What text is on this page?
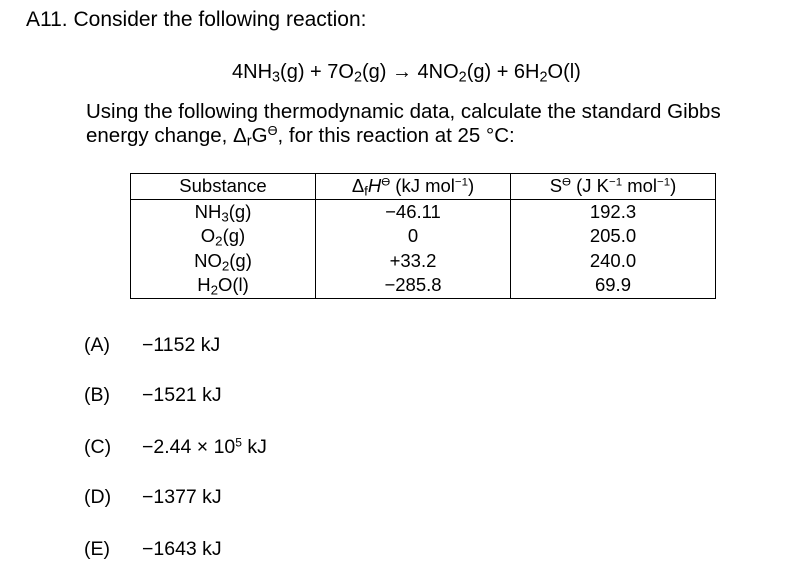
A11. Consider the following reaction:
$4NH_3(g) + 7O_2(g) \to 4NO_2(g) + 6H_2O(l)$
Using the following thermodynamic data, calculate the standard Gibbs
energy change, $\Delta_rG^ϴ$, for this reaction at 25 °C:
Substance	$\Delta_fH^ϴ$ (kJ mol$^{-1}$)	$S^ϴ$ (J $K^{-1}$ mol$^{-1}$)
$NH_3(g)$	−46.11	192.3
$O_2(g)$	0	205.0
$NO_2(g)$	+33.2	240.0
$H_2O(l)$	−285.8	69.9
(A) −1152 kJ
(B) −1521 kJ
$(C) -2.44 \times 10^5$ kJ
(D) −1377 kJ
(E) −1643 kJ
